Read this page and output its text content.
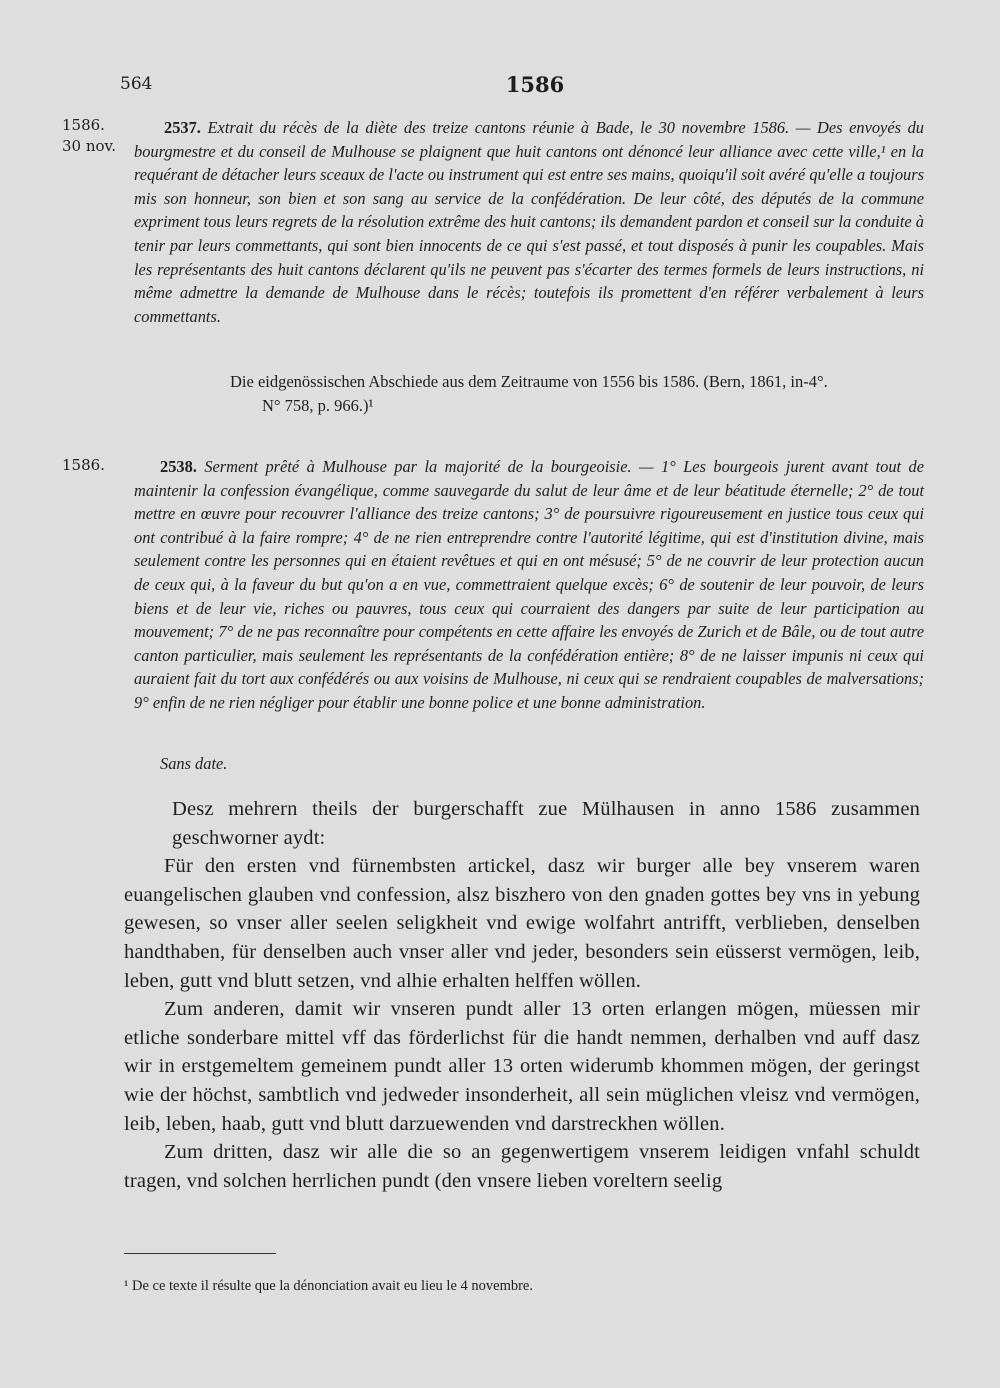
564	1586
1586.
30 nov.
2537. Extrait du récès de la diète des treize cantons réunie à Bade, le 30 novembre 1586. — Des envoyés du bourgmestre et du conseil de Mulhouse se plaignent que huit cantons ont dénoncé leur alliance avec cette ville,¹ en la requérant de détacher leurs sceaux de l'acte ou instrument qui est entre ses mains, quoiqu'il soit avéré qu'elle a toujours mis son honneur, son bien et son sang au service de la confédération. De leur côté, des députés de la commune expriment tous leurs regrets de la résolution extrême des huit cantons; ils demandent pardon et conseil sur la conduite à tenir par leurs commettants, qui sont bien innocents de ce qui s'est passé, et tout disposés à punir les coupables. Mais les représentants des huit cantons déclarent qu'ils ne peuvent pas s'écarter des termes formels de leurs instructions, ni même admettre la demande de Mulhouse dans le récès; toutefois ils promettent d'en référer verbalement à leurs commettants.
Die eidgenössischen Abschiede aus dem Zeitraume von 1556 bis 1586. (Bern, 1861, in-4°.
N° 758, p. 966.)¹
1586.	2538. Serment prêté à Mulhouse par la majorité de la bourgeoisie. — 1° Les bourgeois jurent avant tout de maintenir la confession évangélique, comme sauvegarde du salut de leur âme et de leur béatitude éternelle; 2° de tout mettre en œuvre pour recouvrer l'alliance des treize cantons; 3° de poursuivre rigoureusement en justice tous ceux qui ont contribué à la faire rompre; 4° de ne rien entreprendre contre l'autorité légitime, qui est d'institution divine, mais seulement contre les personnes qui en étaient revêtues et qui en ont mésusé; 5° de ne couvrir de leur protection aucun de ceux qui, à la faveur du but qu'on a en vue, commettraient quelque excès; 6° de soutenir de leur pouvoir, de leurs biens et de leur vie, riches ou pauvres, tous ceux qui courraient des dangers par suite de leur participation au mouvement; 7° de ne pas reconnaître pour compétents en cette affaire les envoyés de Zurich et de Bâle, ou de tout autre canton particulier, mais seulement les représentants de la confédération entière; 8° de ne laisser impunis ni ceux qui auraient fait du tort aux confédérés ou aux voisins de Mulhouse, ni ceux qui se rendraient coupables de malversations; 9° enfin de ne rien négliger pour établir une bonne police et une bonne administration.
Sans date.

Desz mehrern theils der burgerschafft zue Mülhausen in anno 1586 zusammen geschworner aydt:

Für den ersten vnd fürnembsten artickel, dasz wir burger alle bey vnserem waren euangelischen glauben vnd confession, alsz biszhero von den gnaden gottes bey vns in yebung gewesen, so vnser aller seelen seligkheit vnd ewige wolfahrt antrifft, verblieben, denselben handthaben, für denselben auch vnser aller vnd jeder, besonders sein eüsserst vermögen, leib, leben, gutt vnd blutt setzen, vnd alhie erhalten helffen wöllen.

Zum anderen, damit wir vnseren pundt aller 13 orten erlangen mögen, müessen mir etliche sonderbare mittel vff das förderlichst für die handt nemmen, derhalben vnd auff dasz wir in erstgemeltem gemeinem pundt aller 13 orten widerumb khommen mögen, der geringst wie der höchst, sambtlich vnd jedweder insonderheit, all sein müglichen vleisz vnd vermögen, leib, leben, haab, gutt vnd blutt darzuewenden vnd darstreckhen wöllen.

Zum dritten, dasz wir alle die so an gegenwertigem vnserem leidigen vnfahl schuldt tragen, vnd solchen herrlichen pundt (den vnsere lieben voreltern seelig

¹ De ce texte il résulte que la dénonciation avait eu lieu le 4 novembre.
